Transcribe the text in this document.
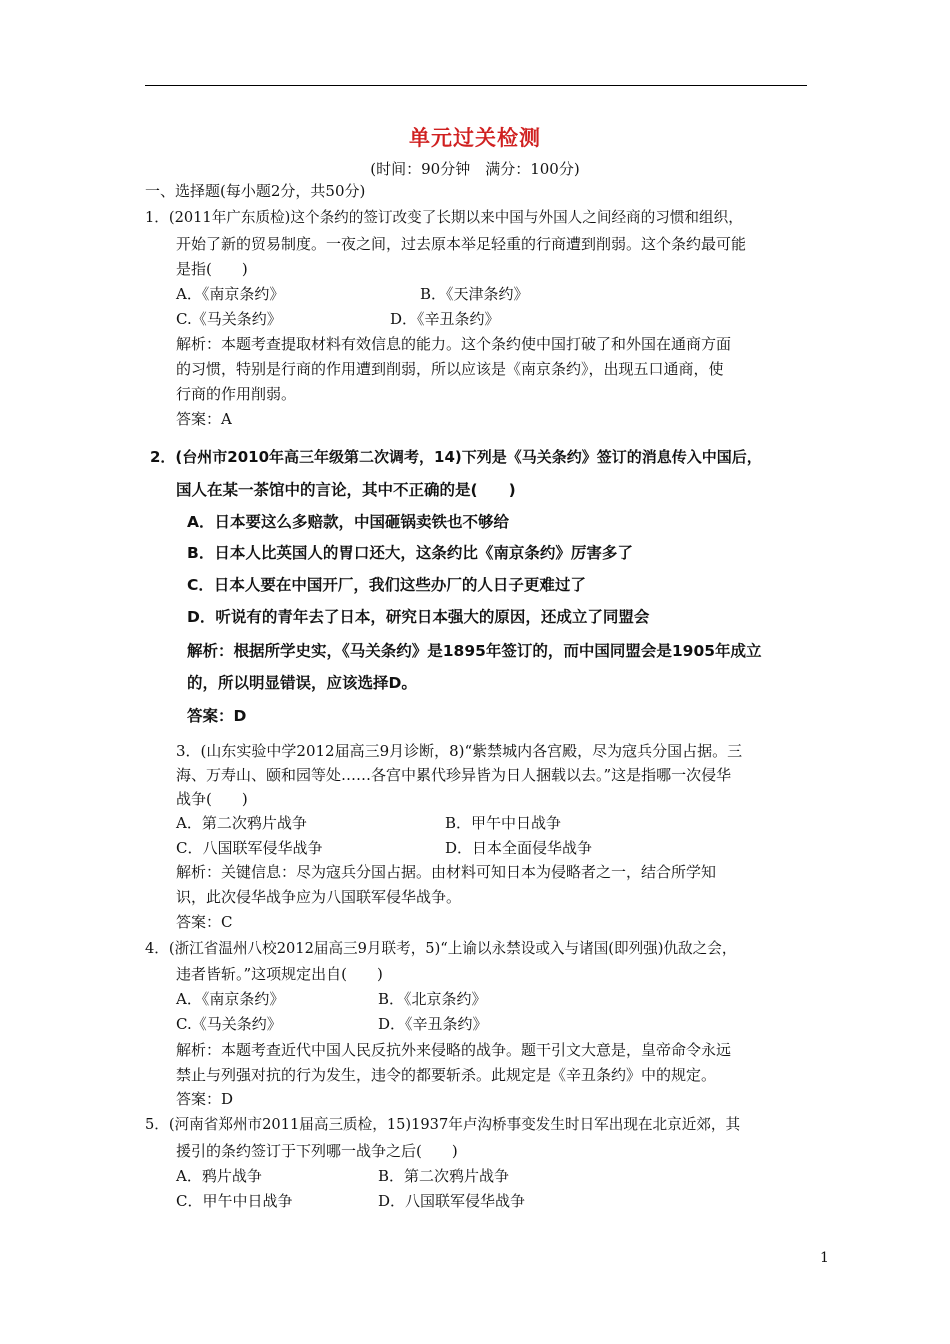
单元过关检测
(时间：90分钟　满分：100分)
一、选择题(每小题2分，共50分)
1．(2011年广东质检)这个条约的签订改变了长期以来中国与外国人之间经商的习惯和组织，
开始了新的贸易制度。一夜之间，过去原本举足轻重的行商遭到削弱。这个条约最可能
是指(　　)
A．《南京条约》	B．《天津条约》
C.《马关条约》	D．《辛丑条约》
解析：本题考查提取材料有效信息的能力。这个条约使中国打破了和外国在通商方面
的习惯，特别是行商的作用遭到削弱，所以应该是《南京条约》，出现五口通商，使
行商的作用削弱。
答案：A
2．(台州市2010年高三年级第二次调考，14)下列是《马关条约》签订的消息传入中国后，
国人在某一茶馆中的言论，其中不正确的是(　　)
A．日本要这么多赔款，中国砸锅卖铁也不够给
B．日本人比英国人的胃口还大，这条约比《南京条约》厉害多了
C．日本人要在中国开厂，我们这些办厂的人日子更难过了
D．听说有的青年去了日本，研究日本强大的原因，还成立了同盟会
解析：根据所学史实，《马关条约》是1895年签订的，而中国同盟会是1905年成立
的，所以明显错误，应该选择D。
答案：D
3．(山东实验中学2012届高三9月诊断，8)“紫禁城内各宫殿，尽为寇兵分国占据。三
海、万寿山、颐和园等处……各宫中累代珍异皆为日人捆载以去。”这是指哪一次侵华
战争(　　)
A．第二次鸦片战争	B．甲午中日战争
C．八国联军侵华战争	D．日本全面侵华战争
解析：关键信息：尽为寇兵分国占据。由材料可知日本为侵略者之一，结合所学知
识，此次侵华战争应为八国联军侵华战争。
答案：C
4．(浙江省温州八校2012届高三9月联考，5)“上谕以永禁设或入与诸国(即列强)仇敌之会，
违者皆斩。”这项规定出自(　　)
A．《南京条约》	B．《北京条约》
C.《马关条约》	D．《辛丑条约》
解析：本题考查近代中国人民反抗外来侵略的战争。题干引文大意是，皇帝命令永远
禁止与列强对抗的行为发生，违令的都要斩杀。此规定是《辛丑条约》中的规定。
答案：D
5．(河南省郑州市2011届高三质检，15)1937年卢沟桥事变发生时日军出现在北京近郊，其
援引的条约签订于下列哪一战争之后(　　)
A．鸦片战争	B．第二次鸦片战争
C．甲午中日战争	D．八国联军侵华战争
1
